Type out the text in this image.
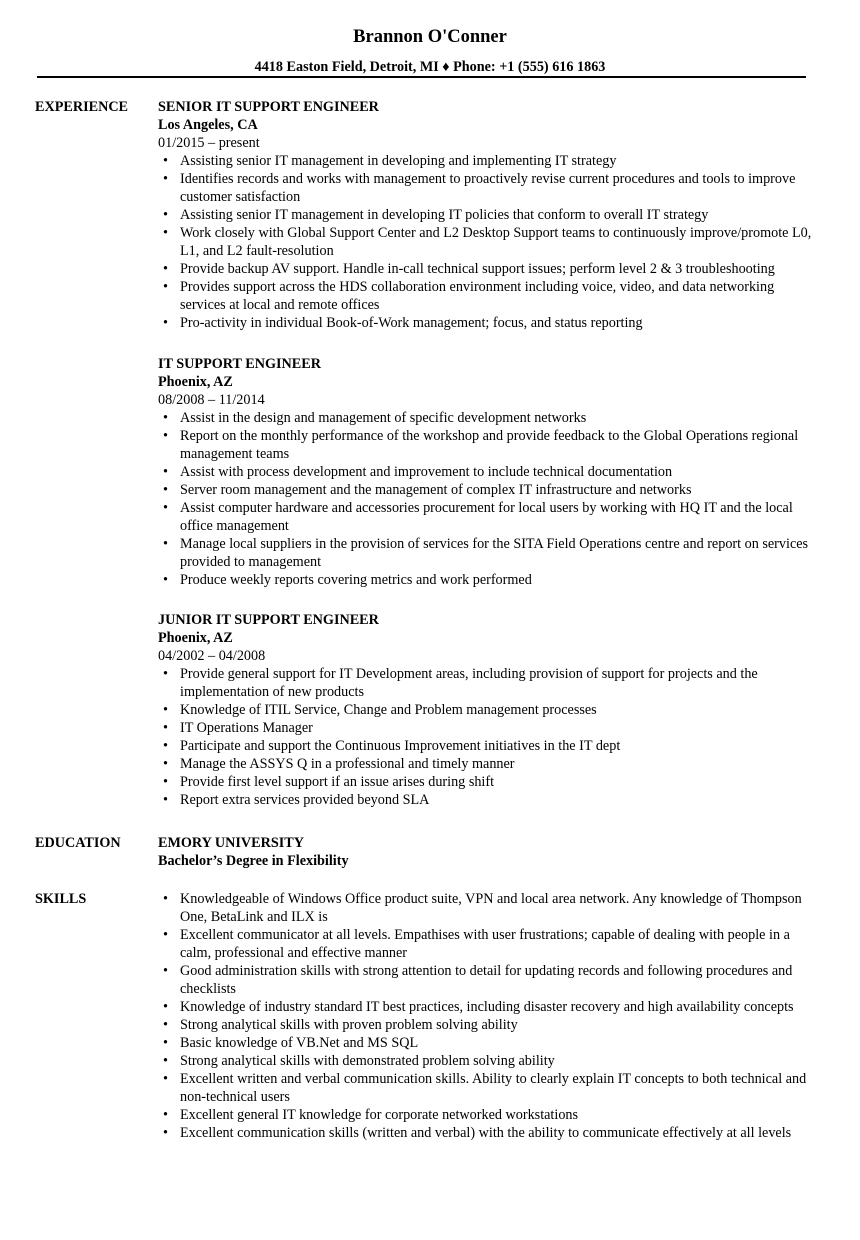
Brannon O'Conner
4418 Easton Field, Detroit, MI ♦ Phone: +1 (555) 616 1863
EXPERIENCE SENIOR IT SUPPORT ENGINEER
Los Angeles, CA
01/2015 – present
• Assisting senior IT management in developing and implementing IT strategy
• Identifies records and works with management to proactively revise current procedures and tools to improve customer satisfaction
• Assisting senior IT management in developing IT policies that conform to overall IT strategy
• Work closely with Global Support Center and L2 Desktop Support teams to continuously improve/promote L0, L1, and L2 fault-resolution
• Provide backup AV support. Handle in-call technical support issues; perform level 2 & 3 troubleshooting
• Provides support across the HDS collaboration environment including voice, video, and data networking services at local and remote offices
• Pro-activity in individual Book-of-Work management; focus, and status reporting
IT SUPPORT ENGINEER
Phoenix, AZ
08/2008 – 11/2014
• Assist in the design and management of specific development networks
• Report on the monthly performance of the workshop and provide feedback to the Global Operations regional management teams
• Assist with process development and improvement to include technical documentation
• Server room management and the management of complex IT infrastructure and networks
• Assist computer hardware and accessories procurement for local users by working with HQ IT and the local office management
• Manage local suppliers in the provision of services for the SITA Field Operations centre and report on services provided to management
• Produce weekly reports covering metrics and work performed
JUNIOR IT SUPPORT ENGINEER
Phoenix, AZ
04/2002 – 04/2008
• Provide general support for IT Development areas, including provision of support for projects and the implementation of new products
• Knowledge of ITIL Service, Change and Problem management processes
• IT Operations Manager
• Participate and support the Continuous Improvement initiatives in the IT dept
• Manage the ASSYS Q in a professional and timely manner
• Provide first level support if an issue arises during shift
• Report extra services provided beyond SLA
EDUCATION	EMORY UNIVERSITY
Bachelor’s Degree in Flexibility
SKILLS
•	Knowledgeable of Windows Office product suite, VPN and local area network. Any knowledge of Thompson One, BetaLink and ILX is
• Excellent communicator at all levels. Empathises with user frustrations; capable of dealing with people in a calm, professional and effective manner
• Good administration skills with strong attention to detail for updating records and following procedures and checklists
• Knowledge of industry standard IT best practices, including disaster recovery and high availability concepts
• Strong analytical skills with proven problem solving ability
• Basic knowledge of VB.Net and MS SQL
• Strong analytical skills with demonstrated problem solving ability
• Excellent written and verbal communication skills. Ability to clearly explain IT concepts to both technical and non-technical users
• Excellent general IT knowledge for corporate networked workstations
• Excellent communication skills (written and verbal) with the ability to communicate effectively at all levels
